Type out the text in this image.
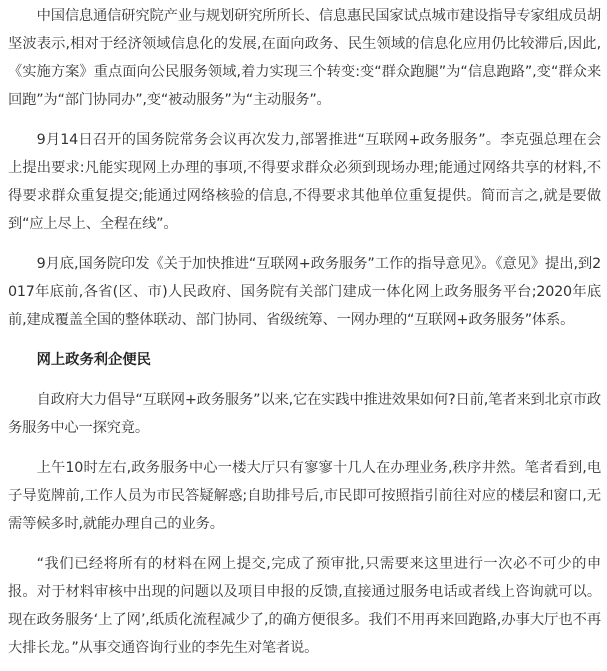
中国信息通信研究院产业与规划研究所所长、信息惠民国家试点城市建设指导专家组成员胡坚波表示,相对于经济领域信息化的发展,在面向政务、民生领域的信息化应用仍比较滞后,因此,《实施方案》重点面向公民服务领域,着力实现三个转变:变“群众跑腿”为“信息跑路”,变“群众来回跑”为“部门协同办”,变“被动服务”为“主动服务”。

9月14日召开的国务院常务会议再次发力,部署推进“互联网+政务服务”。李克强总理在会上提出要求:凡能实现网上办理的事项,不得要求群众必须到现场办理;能通过网络共享的材料,不得要求群众重复提交;能通过网络核验的信息,不得要求其他单位重复提供。简而言之,就是要做到“应上尽上、全程在线”。

9月底,国务院印发《关于加快推进“互联网+政务服务”工作的指导意见》。《意见》提出,到2017年底前,各省(区、市)人民政府、国务院有关部门建成一体化网上政务服务平台;2020年底前,建成覆盖全国的整体联动、部门协同、省级统筹、一网办理的“互联网+政务服务”体系。

网上政务利企便民

自政府大力倡导“互联网+政务服务”以来,它在实践中推进效果如何?日前,笔者来到北京市政务服务中心一探究竟。

上午10时左右,政务服务中心一楼大厅只有寥寥十几人在办理业务,秩序井然。笔者看到,电子导览牌前,工作人员为市民答疑解惑;自助排号后,市民即可按照指引前往对应的楼层和窗口,无需等候多时,就能办理自己的业务。

“我们已经将所有的材料在网上提交,完成了预审批,只需要来这里进行一次必不可少的申报。对于材料审核中出现的问题以及项目申报的反馈,直接通过服务电话或者线上咨询就可以。现在政务服务‘上了网’,纸质化流程减少了,的确方便很多。我们不用再来回跑路,办事大厅也不再大排长龙。”从事交通咨询行业的李先生对笔者说。
